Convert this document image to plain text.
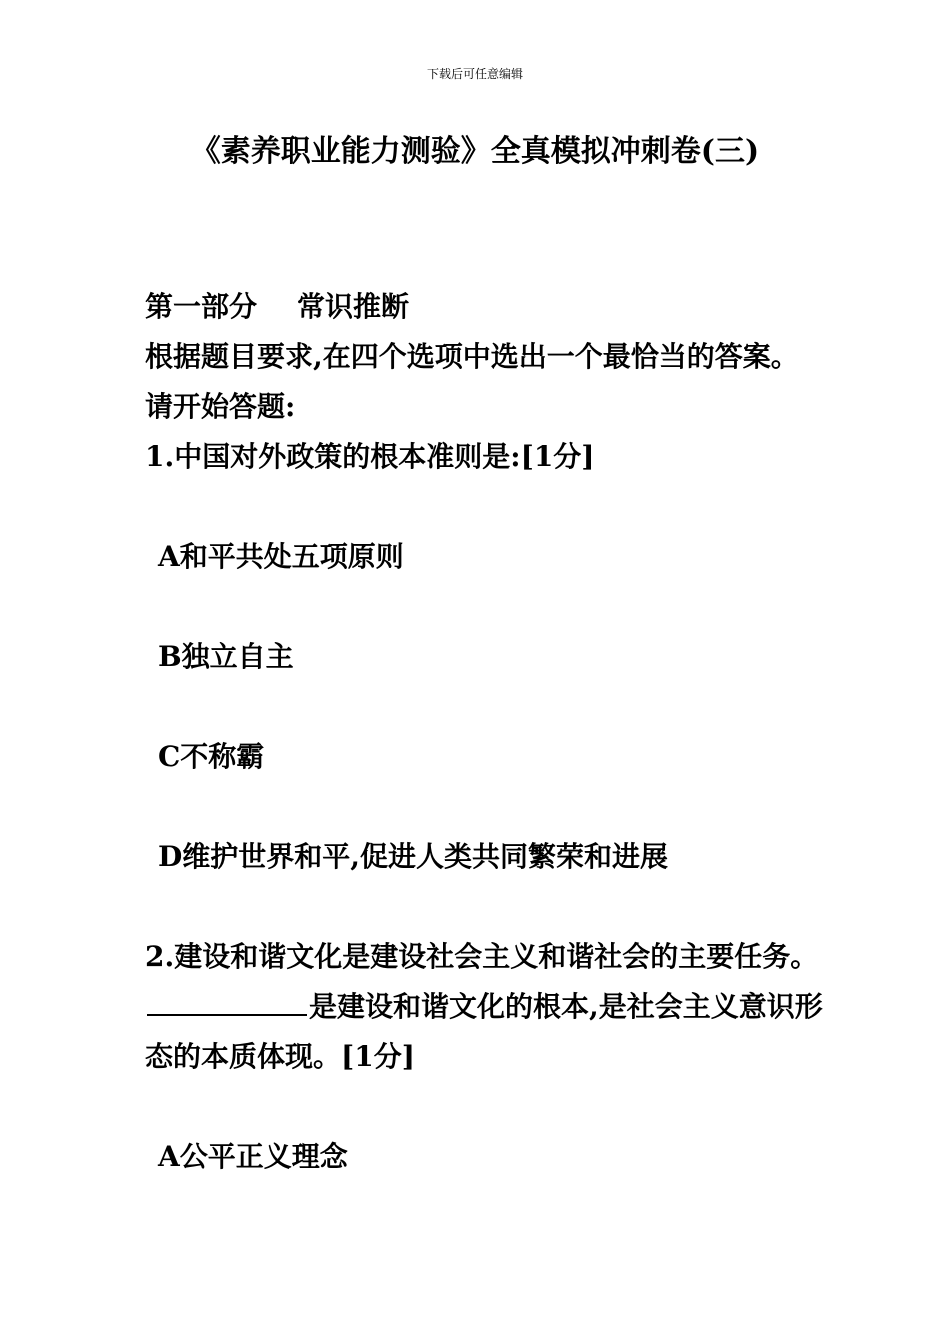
下载后可任意编辑
《素养职业能力测验》全真模拟冲刺卷(三)

第一部分 常识推断

根据题目要求,在四个选项中选出一个最恰当的答案。

请开始答题:

1.中国对外政策的根本准则是:[1分]

A和平共处五项原则

B独立自主

C不称霸

D维护世界和平,促进人类共同繁荣和进展

2.建设和谐文化是建设社会主义和谐社会的主要任务。是建设和谐文化的根本,是社会主义意识形态的本质体现。[1分]

A公平正义理念
